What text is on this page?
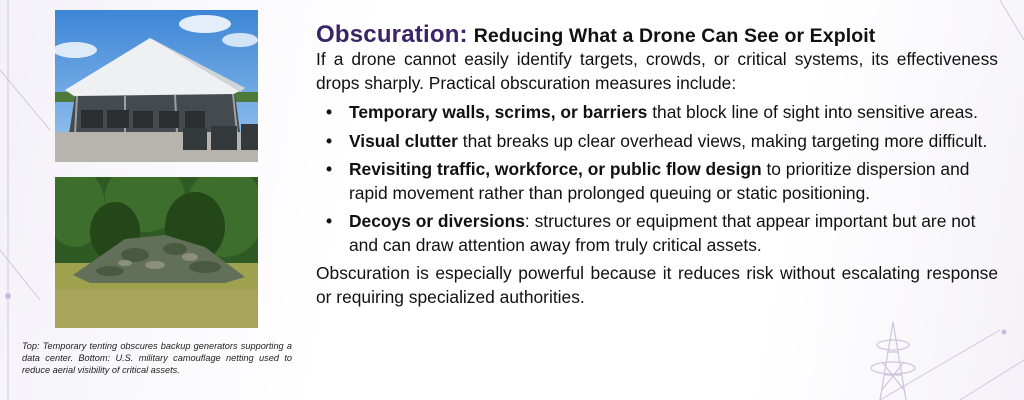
Top: Temporary tenting obscures backup generators supporting a data center. Bottom: U.S. military camouflage netting used to reduce aerial visibility of critical assets.
Obscuration: Reducing What a Drone Can See or Exploit

If a drone cannot easily identify targets, crowds, or critical systems, its effectiveness drops sharply. Practical obscuration measures include:

• Temporary walls, scrims, or barriers that block line of sight into sensitive areas.
• Visual clutter that breaks up clear overhead views, making targeting more difficult.
• Revisiting traffic, workforce, or public flow design to prioritize dispersion and rapid movement rather than prolonged queuing or static positioning.
• Decoys or diversions: structures or equipment that appear important but are not and can draw attention away from truly critical assets.

Obscuration is especially powerful because it reduces risk without escalating response or requiring specialized authorities.
